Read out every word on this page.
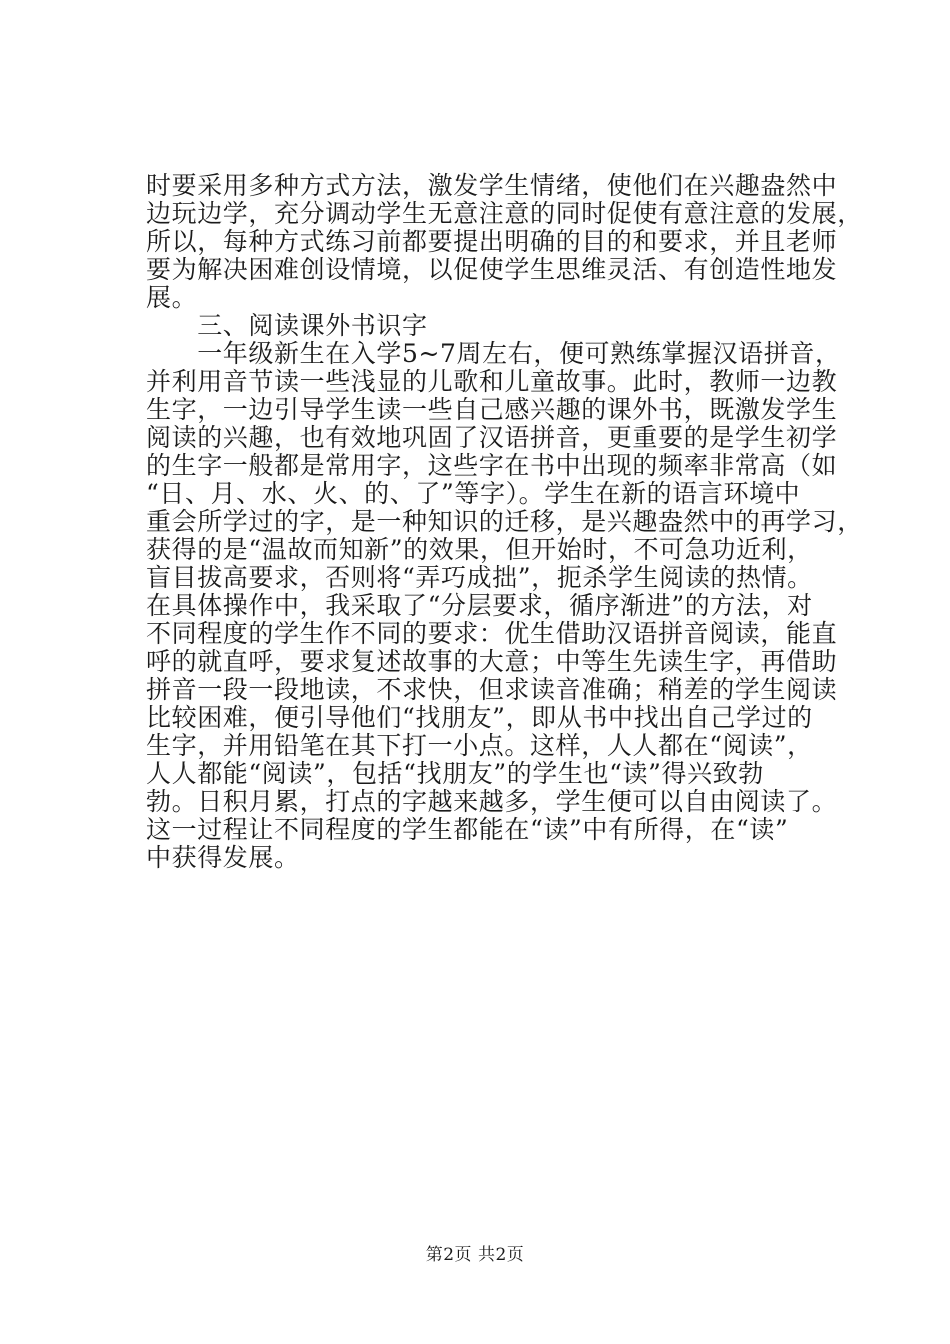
时要采用多种方式方法，激发学生情绪，使他们在兴趣盎然中
边玩边学，充分调动学生无意注意的同时促使有意注意的发展，
所以，每种方式练习前都要提出明确的目的和要求，并且老师
要为解决困难创设情境，以促使学生思维灵活、有创造性地发
展。
　　三、阅读课外书识字
　　一年级新生在入学5~7周左右，便可熟练掌握汉语拼音，
并利用音节读一些浅显的儿歌和儿童故事。此时，教师一边教
生字，一边引导学生读一些自己感兴趣的课外书，既激发学生
阅读的兴趣，也有效地巩固了汉语拼音，更重要的是学生初学
的生字一般都是常用字，这些字在书中出现的频率非常高（如
“日、月、水、火、的、了”等字）。学生在新的语言环境中
重会所学过的字，是一种知识的迁移，是兴趣盎然中的再学习，
获得的是“温故而知新”的效果，但开始时，不可急功近利，
盲目拔高要求，否则将“弄巧成拙”，扼杀学生阅读的热情。
在具体操作中，我采取了“分层要求，循序渐进”的方法，对
不同程度的学生作不同的要求：优生借助汉语拼音阅读，能直
呼的就直呼，要求复述故事的大意；中等生先读生字，再借助
拼音一段一段地读，不求快，但求读音准确；稍差的学生阅读
比较困难，便引导他们“找朋友”，即从书中找出自己学过的
生字，并用铅笔在其下打一小点。这样，人人都在“阅读”，
人人都能“阅读”，包括“找朋友”的学生也“读”得兴致勃
勃。日积月累，打点的字越来越多，学生便可以自由阅读了。
这一过程让不同程度的学生都能在“读”中有所得，在“读”
中获得发展。
第2页 共2页
